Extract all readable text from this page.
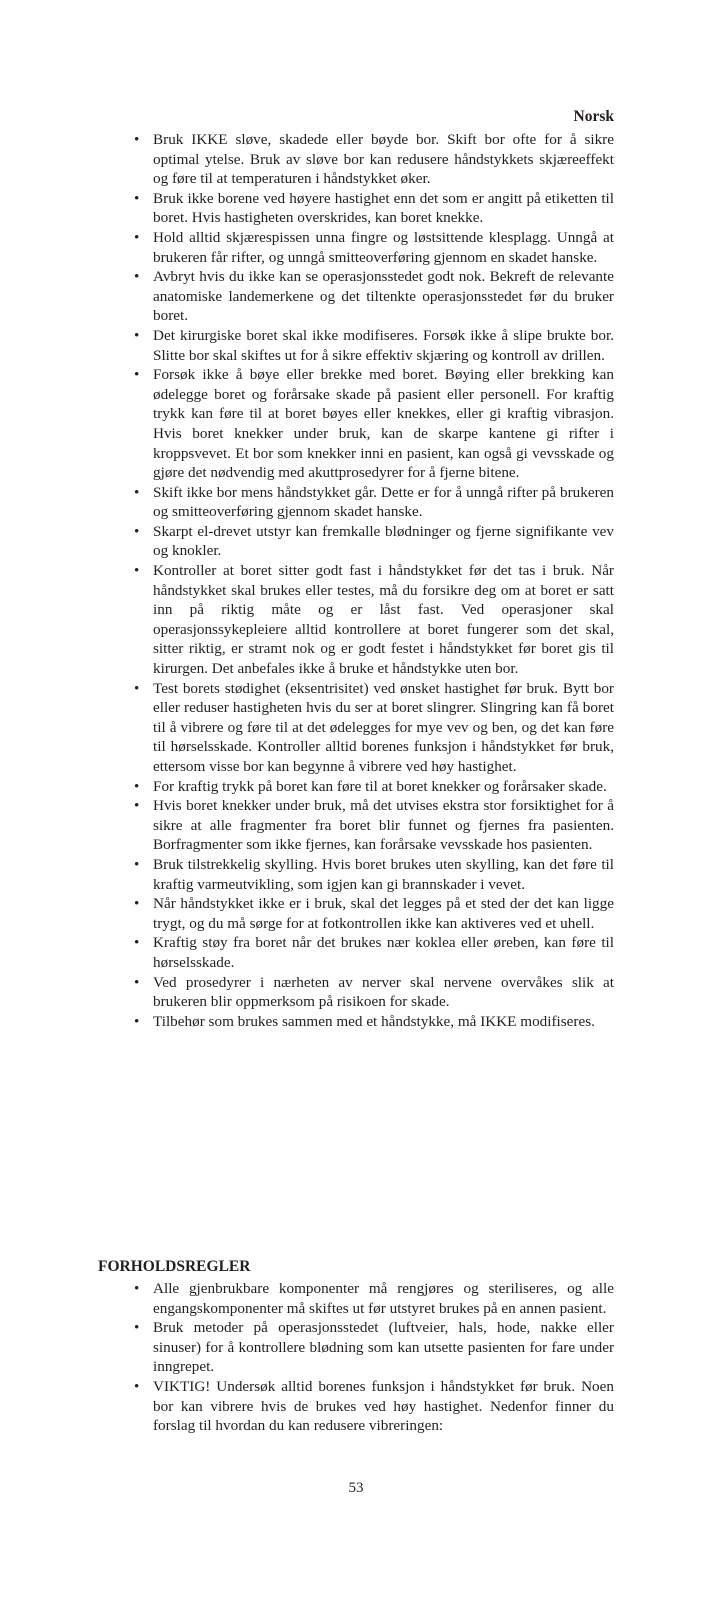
Norsk
• Bruk IKKE sløve, skadede eller bøyde bor. Skift bor ofte for å sikre optimal ytelse. Bruk av sløve bor kan redusere håndstykkets skjæreeffekt og føre til at temperaturen i håndstykket øker.
• Bruk ikke borene ved høyere hastighet enn det som er angitt på etiketten til boret. Hvis hastigheten overskrides, kan boret knekke.
• Hold alltid skjærespissen unna fingre og løstsittende klesplagg. Unngå at brukeren får rifter, og unngå smitteoverføring gjennom en skadet hanske.
• Avbryt hvis du ikke kan se operasjonsstedet godt nok. Bekreft de relevante anatomiske landemerkene og det tiltenkte operasjonsstedet før du bruker boret.
• Det kirurgiske boret skal ikke modifiseres. Forsøk ikke å slipe brukte bor. Slitte bor skal skiftes ut for å sikre effektiv skjæring og kontroll av drillen.
• Forsøk ikke å bøye eller brekke med boret. Bøying eller brekking kan ødelegge boret og forårsake skade på pasient eller personell. For kraftig trykk kan føre til at boret bøyes eller knekkes, eller gi kraftig vibrasjon. Hvis boret knekker under bruk, kan de skarpe kantene gi rifter i kroppsvevet. Et bor som knekker inni en pasient, kan også gi vevsskade og gjøre det nødvendig med akuttprosedyrer for å fjerne bitene.
• Skift ikke bor mens håndstykket går. Dette er for å unngå rifter på brukeren og smitteoverføring gjennom skadet hanske.
• Skarpt el-drevet utstyr kan fremkalle blødninger og fjerne signifikante vev og knokler.
• Kontroller at boret sitter godt fast i håndstykket før det tas i bruk. Når håndstykket skal brukes eller testes, må du forsikre deg om at boret er satt inn på riktig måte og er låst fast. Ved operasjoner skal operasjonssykepleiere alltid kontrollere at boret fungerer som det skal, sitter riktig, er stramt nok og er godt festet i håndstykket før boret gis til kirurgen. Det anbefales ikke å bruke et håndstykke uten bor.
• Test borets stødighet (eksentrisitet) ved ønsket hastighet før bruk. Bytt bor eller reduser hastigheten hvis du ser at boret slingrer. Slingring kan få boret til å vibrere og føre til at det ødelegges for mye vev og ben, og det kan føre til hørselsskade. Kontroller alltid borenes funksjon i håndstykket før bruk, ettersom visse bor kan begynne å vibrere ved høy hastighet.
• For kraftig trykk på boret kan føre til at boret knekker og forårsaker skade.
• Hvis boret knekker under bruk, må det utvises ekstra stor forsiktighet for å sikre at alle fragmenter fra boret blir funnet og fjernes fra pasienten. Borfragmenter som ikke fjernes, kan forårsake vevsskade hos pasienten.
• Bruk tilstrekkelig skylling. Hvis boret brukes uten skylling, kan det føre til kraftig varmeutvikling, som igjen kan gi brannskader i vevet.
• Når håndstykket ikke er i bruk, skal det legges på et sted der det kan ligge trygt, og du må sørge for at fotkontrollen ikke kan aktiveres ved et uhell.
• Kraftig støy fra boret når det brukes nær koklea eller øreben, kan føre til hørselsskade.
• Ved prosedyrer i nærheten av nerver skal nervene overvåkes slik at brukeren blir oppmerksom på risikoen for skade.
• Tilbehør som brukes sammen med et håndstykke, må IKKE modifiseres.
FORHOLDSREGLER
• Alle gjenbrukbare komponenter må rengjøres og steriliseres, og alle engangskomponenter må skiftes ut før utstyret brukes på en annen pasient.
• Bruk metoder på operasjonsstedet (luftveier, hals, hode, nakke eller sinuser) for å kontrollere blødning som kan utsette pasienten for fare under inngrepet.
• VIKTIG! Undersøk alltid borenes funksjon i håndstykket før bruk. Noen bor kan vibrere hvis de brukes ved høy hastighet. Nedenfor finner du forslag til hvordan du kan redusere vibreringen:
53
